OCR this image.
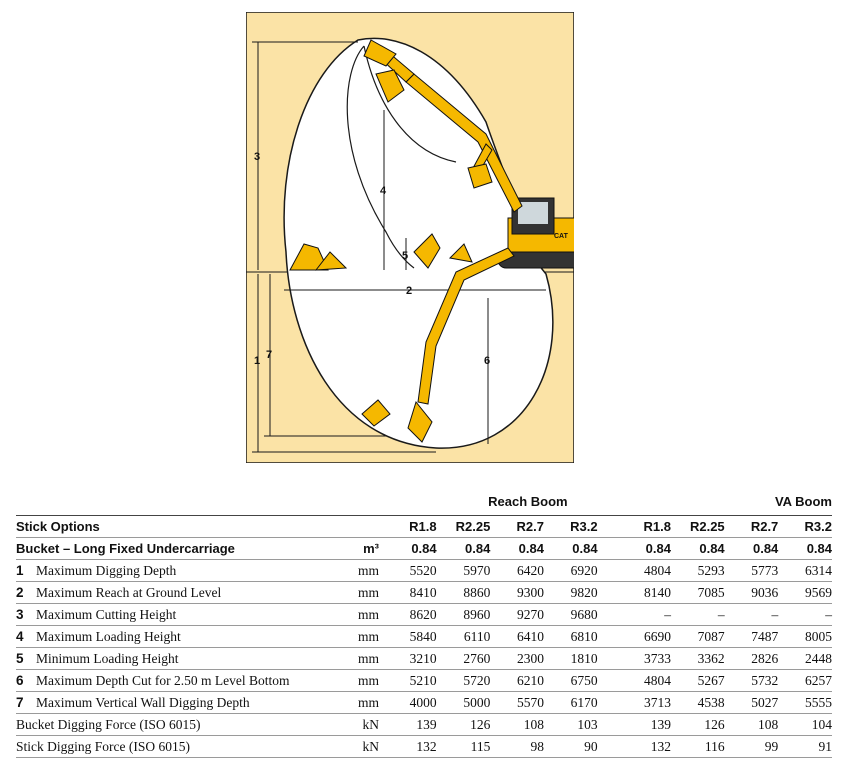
3
4
5
2
1 7	6
CAT
		Reach Boom					VA Boom			
Stick Options		R1.8	R2.25	R2.7	R3.2		R1.8	R2.25	R2.7	R3.2
Bucket – Long Fixed Undercarriage	m³	0.84	0.84	0.84	0.84		0.84	0.84	0.84	0.84
1 Maximum Digging Depth	mm	5520	5970	6420	6920		4804	5293	5773	6314
2 Maximum Reach at Ground Level	mm	8410	8860	9300	9820		8140	7085	9036	9569
3 Maximum Cutting Height	mm	8620	8960	9270	9680		–	–	–	–
4 Maximum Loading Height	mm	5840	6110	6410	6810		6690	7087	7487	8005
5 Minimum Loading Height	mm	3210	2760	2300	1810		3733	3362	2826	2448
6 Maximum Depth Cut for 2.50 m Level Bottom	mm	5210	5720	6210	6750		4804	5267	5732	6257
7 Maximum Vertical Wall Digging Depth	mm	4000	5000	5570	6170		3713	4538	5027	5555
Bucket Digging Force (ISO 6015)	kN	139	126	108	103		139	126	108	104
Stick Digging Force (ISO 6015)	kN	132	115	98	90		132	116	99	91
